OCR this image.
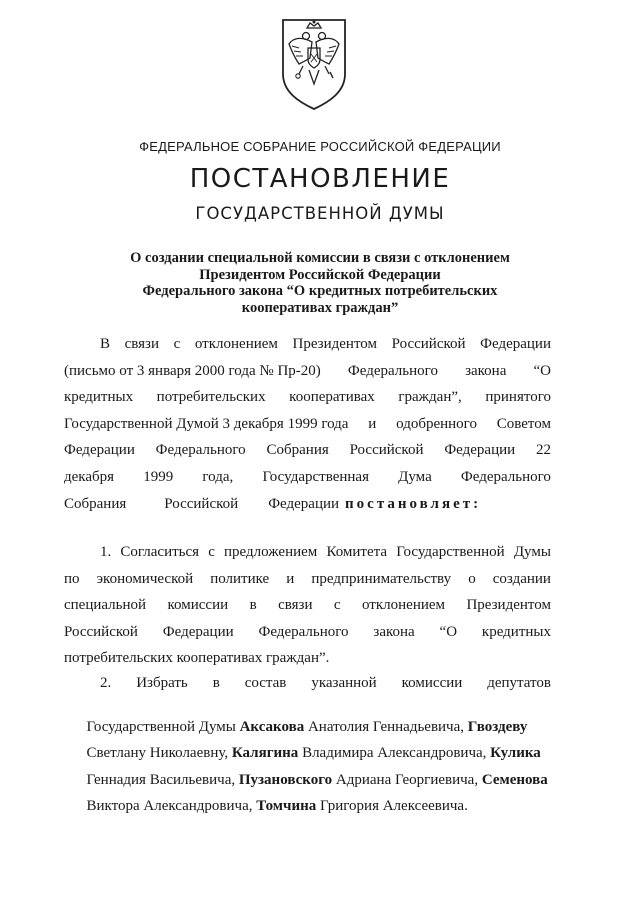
ФЕДЕРАЛЬНОЕ СОБРАНИЕ РОССИЙСКОЙ ФЕДЕРАЦИИ
ПОСТАНОВЛЕНИЕ
ГОСУДАРСТВЕННОЙ ДУМЫ
О создании специальной комиссии в связи с отклонением
Президентом Российской Федерации
Федерального закона “О кредитных потребительских
кооперативах граждан”
В связи с отклонением Президентом Российской Федерации
(письмо от 3 января 2000 года № Пр-20) Федерального закона “О
кредитных потребительских кооперативах граждан”, принятого
Государственной Думой 3 декабря 1999 года и одобренного Советом
Федерации Федерального Собрания Российской Федерации 22
декабря 1999 года, Государственная Дума Федерального
Собрания	Российской Федерации постановляет:
1. Согласиться с предложением Комитета Государственной Думы
по экономической политике и предпринимательству о создании
специальной комиссии в связи с отклонением Президентом
Российской Федерации Федерального закона “О кредитных
потребительских кооперативах граждан”.
2. Избрать в состав указанной комиссии депутатов

Государственной Думы Аксакова Анатолия Геннадьевича, Гвоздеву

Светлану Николаевну, Калягина Владимира Александровича, Кулика

Геннадия Васильевича, Пузановского Адриана Георгиевича, Семенова

Виктора Александровича, Томчина Григория Алексеевича.
